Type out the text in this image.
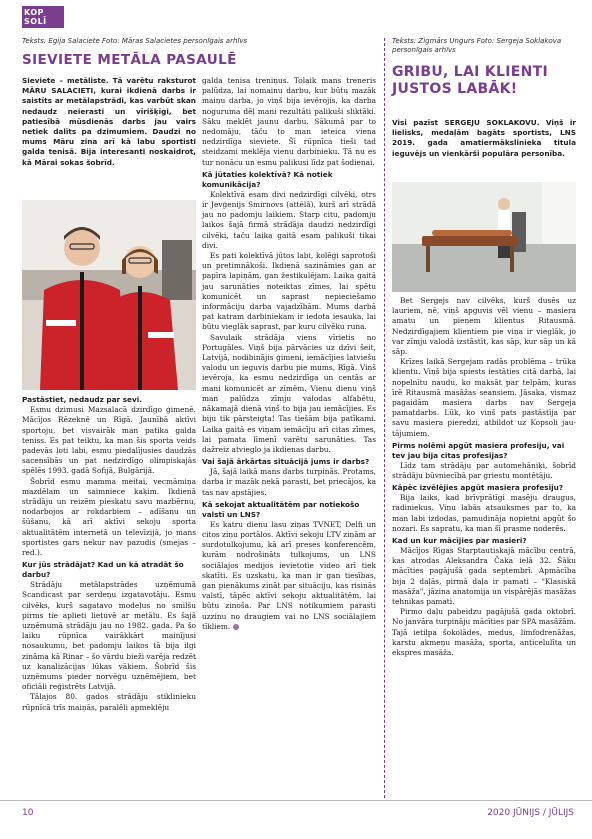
KOP
SOLĪ
Teksts: Egija Salaciete Foto: Māras Salacietes personīgais arhīvs
SIEVIETE METĀLA PASAULĒ

Sieviete – metāliste. Tā varētu raksturot MĀRU SALACIETI, kurai ikdienā darbs ir saistīts ar metālapstrādi, kas varbūt skan nedaudz neierasti un vīrišķīgi, bet patiesībā mūsdienās darbs jau vairs netiek dalīts pa dzimumiem. Daudzi no mums Māru zina arī kā labu sportisti galda tenisā. Bija interesanti noskaidrot, kā Mārai sokas šobrīd.

Pastāstiet, nedaudz par sevi.

Esmu dzimusi Mazsalacā dzirdīgo ģimenē. Mācījos Rēzeknē un Rīgā. Jaunībā aktīvi sportoju, bet visvairāk man patika galda teniss. Es pat teiktu, ka man šis sporta veids padevās ļoti labi, esmu piedalījusies daudzās sacensībās un pat nedzirdīgo olimpiskajās spēlēs 1993. gadā Sofijā, Bulgārijā.

Šobrīd esmu mamma meitai, vecmāmiņa mazdēlam un saimniece kaķim. Ikdienā strādāju un reizēm pieskatu savu mazbērnu, nodarbojos ar rokdarbiem – adīšanu un šūšanu, kā arī aktīvi sekoju sporta aktualitātēm internetā un televīzijā, jo mans sportistes gars nekur nav pazudis (smejas – red.).

Kur jūs strādājat? Kad un kā atradāt šo darbu?

Strādāju metālapstrādes uzņēmumā Scandicast par serdeņu izgatavotāju. Esmu cilvēks, kurš sagatavo modeļus no smilšu pirms tie aplieti lietuvē ar metālu. Es šajā uzņēmumā strādāju jau no 1982. gada. Pa šo laiku rūpnīca vairākkārt mainījusi nosaukumu, bet padomju laikos tā bija ilgi zināma kā Rinar – šo vārdu bieži varēja redzēt uz kanalizācijas lūkas vākiem. Šobrīd šis uzņēmums pieder norvēģu uzņēmējiem, bet oficiāli reģistrēts Latvijā.

Tālajos 80. gados strādāju stiklinieku rūpnīcā trīs maiņās, paralēli apmeklēju

galda tenisa treniņus. Tolaik mans treneris palūdza, lai nomainu darbu, kur būtu mazāk maiņu darba, jo viņš bija ievērojis, ka darba noguruma dēļ mani rezultāti palikuši sliktāki. Sāku meklēt jaunu darbu. Sākumā par to nedomāju, tāču to man ieteica viena nedzirdīga sieviete. Šī rūpnīca tieši tad steidzami meklēja vienu darbinieku. Tā nu es tur nonācu un esmu palikusi līdz pat šodienai.

Kā jūtaties kolektīvā? Kā notiek komunikācija?

Kolektīvā esam divi nedzirdīgi cilvēki, otrs ir Jevģenijs Smirnovs (attēlā), kurš arī strādā jau no padomju laikiem. Starp citu, padomju laikos šajā firmā strādāja daudzi nedzirdīgi cilvēki, taču laika gaitā esam palikuši tikai divi.

Es pati kolektīvā jūtos labi, kolēģi saprotoši un pretimnākoši. Ikdienā sazināmies gan ar papīra lapiņām, gan žestikulējam. Laika gaitā jau sarunāties noteiktas zīmes, lai spētu komunicēt un saprast nepieciešamo informāciju darba vajadzībām. Mums darbā pat katram darbiniekam ir iedota iesauka, lai būtu vieglāk saprast, par kuru cilvēku runa.

Savulaik strādāja viens vīrietis no Portugāles. Viņš bija pārvācies uz dzīvi šeit, Latvijā, nodibinājis ģimeni, iemācījies latviešu valodu un ieguvis darbu pie mums, Rīgā. Viņš ievēroja, ka esmu nedzirdīga un centās ar mani komunicēt ar zīmēm. Vienu dienu viņš man palūdza zīmju valodas alfabētu, nākamajā dienā viņš to bija jau iemācījies. Es biju tik pārsteigta! Tas tiešām bija patīkami. Laika gaitā es viņam iemācīju arī citas zīmes, lai pamata līmenī varētu sarunāties. Tas dažreiz atvieglo ja ikdienas darbu.

Vai šajā ārkārtas situācijā jums ir darbs?

Jā, šajā laikā mans darbs turpinās. Protams, darba ir mazāk nekā parasti, bet priecājos, ka tas nav apstājies.

Kā sekojat aktualitātēm par notiekošo valstī un LNS?

Es katru dienu lasu ziņas TVNET, Delfi un citos ziņu portālos. Aktīvi sekoju LTV ziņām ar surdotulkojumu, kā arī preses konferencēm, kurām nodrošināts tulkojums, un LNS sociālajos medijos ievietotie video arī tiek skatīti. Es uzskatu, ka man ir gan tiesības, gan pienākums zināt par situāciju, kas risinās valstī, tāpēc aktīvi sekoju aktualitātēm, lai būtu zinošа. Par LNS notikumiem parasti uzzinu no draugiem vai no LNS sociālajiem tīkliem.

Teksts: Zigmārs Ungurs Foto: Sergeja Soklakova personīgais arhīvs
GRIBU, LAI KLIENTI JUSTOS LABĀK!

Visi pazīst SERGEJU SOKLAKOVU. Viņš ir lielisks, medaļām bagāts sportists, LNS 2019. gada amatiermākslinieka titula ieguvējs un vienkārši populāra personība.

Bet Sergejs nav cilvēks, kurš dusēs uz lauriem, nē, viņš apguvis vēl vienu – masiera amatu un pieņem klientus Ritausmā. Nedzirdīgajiem klientiem pie viņa ir vieglāk, jo var zīmju valodā izstāstīt, kas sāp, kur sāp un kā sāp.

Krīzes laikā Sergejam radās problēma – trūka klientu. Viņš bija spiests iestāties citā darbā, lai nopelnītu naudu, ko maksāt par telpām, kuras īrē Ritausmā masāžas seansiem. Jāsaka, vismaz pagaidām masiera darbs nav Sergeja pamatdarbs. Lūk, ko viņš pats pastāstīja par savu masiera pieredzi, atbildot uz Kopsoli jautājumiem.

Pirms nolēmi apgūt masiera profesiju, vai tev jau bija citas profesijas?

Līdz tam strādāju par automehāniķi, šobrīd strādāju būvniecībā par griestu montētāju.

Kāpēc izvēlējies apgūt masiera profesiju?

Bija laiks, kad brīvprātīgi masēju draugus, radiniekus. Viņu labās atsauksmes par to, ka man labi izdodas, pamudināja nopietni apgūt šo nozari. Es sapratu, ka man šī prasme noderēs.

Kad un kur mācījies par masieri?

Mācījos Rīgas Starptautiskajā mācību centrā, kas atrodas Aleksandra Čaka ielā 32. Šāku mācīties pagājušā gada septembrī. Apmācība bija 2 daļās, pirmā daļa ir pamati – "Klasiskā masāža", jāzina anatomija un vispārējās masāžas tehnikas pamati.

Pirmo daļu pabeidzu pagājušā gada oktobrī. No janvāra turpināju mācīties par SPA masāžām. Tajā ietilpa šokolādes, medus, limfodrenāžas, karstu akmeņu masāža, sporta, anticelulīta un ekspres masāža.

10	2020 JŪNIJS / JŪLIJS
